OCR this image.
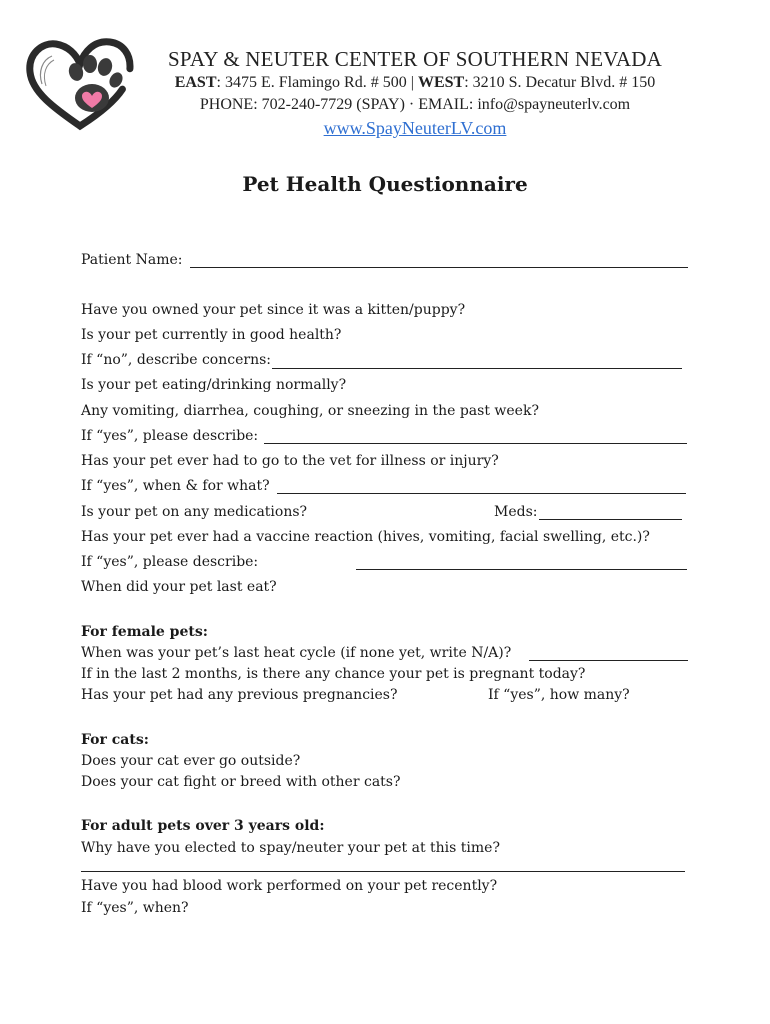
SPAY & NEUTER CENTER OF SOUTHERN NEVADA
EAST: 3475 E. Flamingo Rd. # 500 | WEST: 3210 S. Decatur Blvd. # 150
PHONE: 702-240-7729 (SPAY) · EMAIL: info@spayneuterlv.com
www.SpayNeuterLV.com
Pet Health Questionnaire
Patient Name:
Have you owned your pet since it was a kitten/puppy?
Is your pet currently in good health?
If “no”, describe concerns:
Is your pet eating/drinking normally?
Any vomiting, diarrhea, coughing, or sneezing in the past week?
If “yes”, please describe:
Has your pet ever had to go to the vet for illness or injury?
If “yes”, when & for what?
Is your pet on any medications?	Meds:
Has your pet ever had a vaccine reaction (hives, vomiting, facial swelling, etc.)?
If “yes”, please describe:
When did your pet last eat?
For female pets:
When was your pet’s last heat cycle (if none yet, write N/A)?
If in the last 2 months, is there any chance your pet is pregnant today?
Has your pet had any previous pregnancies?	If “yes”, how many?
For cats:
Does your cat ever go outside?
Does your cat fight or breed with other cats?
For adult pets over 3 years old:
Why have you elected to spay/neuter your pet at this time?
Have you had blood work performed on your pet recently?
If “yes”, when?
